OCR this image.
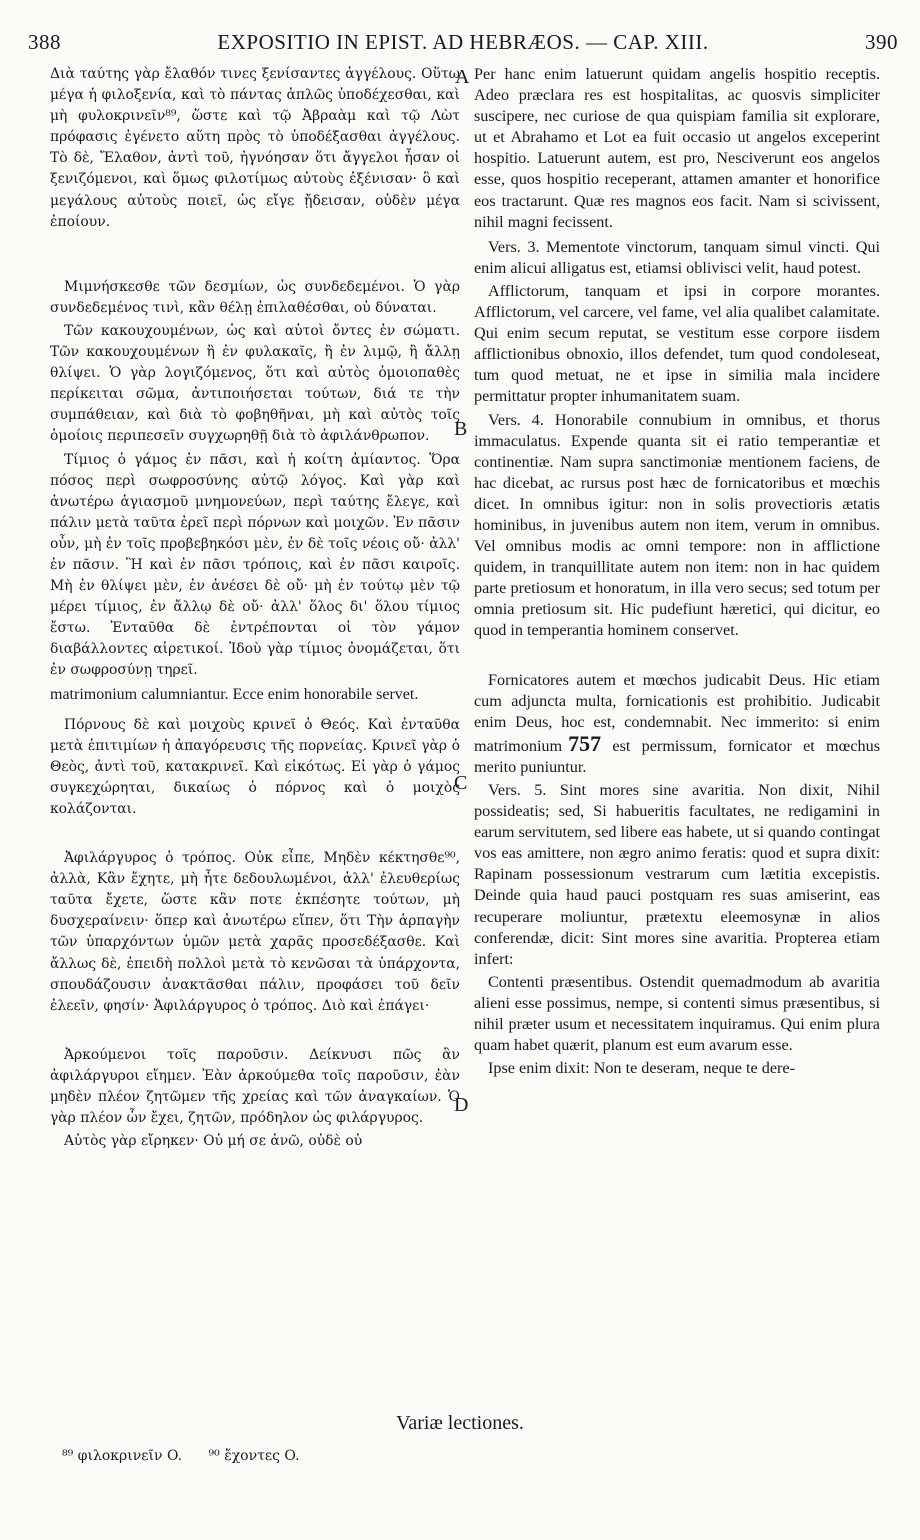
388	EXPOSITIO IN EPIST. AD HEBRÆOS. — CAP. XIII.	390

Διὰ ταύτης γὰρ ἔλαθόν τινες ξενίσαντες ἀγγέλους. Οὕτω μέγα ἡ φιλοξενία, καὶ τὸ πάντας ἁπλῶς ὑποδέχεσθαι, καὶ μὴ φυλοκρινεῖν⁸⁹, ὥστε καὶ τῷ Ἀβραὰμ καὶ τῷ Λὼτ πρόφασις ἐγένετο αὕτη πρὸς τὸ ὑποδέξασθαι ἀγγέλους. Τὸ δὲ, Ἔλαθον, ἀντὶ τοῦ, ἠγνόησαν ὅτι ἄγγελοι ἦσαν οἱ ξενιζόμενοι, καὶ ὅμως φιλοτίμως αὐτοὺς ἐξένισαν· ὃ καὶ μεγάλους αὐτοὺς ποιεῖ, ὡς εἴγε ᾔδεισαν, οὐδὲν μέγα ἐποίουν.

Μιμνήσκεσθε τῶν δεσμίων, ὡς συνδεδεμένοι. Ὁ γὰρ συνδεδεμένος τινὶ, κἂν θέλῃ ἐπιλαθέσθαι, οὐ δύναται.

Τῶν κακουχουμένων, ὡς καὶ αὐτοὶ ὄντες ἐν σώματι. Τῶν κακουχουμένων ἢ ἐν φυλακαῖς, ἢ ἐν λιμῷ, ἢ ἄλλῃ θλίψει. Ὁ γὰρ λογιζόμενος, ὅτι καὶ αὐτὸς ὁμοιοπαθὲς περίκειται σῶμα, ἀντιποιήσεται τούτων, διά τε τὴν συμπάθειαν, καὶ διὰ τὸ φοβηθῆναι, μὴ καὶ αὐτὸς τοῖς ὁμοίοις περιπεσεῖν συγχωρηθῇ διὰ τὸ ἀφιλάνθρωπον.

Τίμιος ὁ γάμος ἐν πᾶσι, καὶ ἡ κοίτη ἀμίαντος. Ὅρα πόσος περὶ σωφροσύνης αὐτῷ λόγος. Καὶ γὰρ καὶ ἀνωτέρω ἁγιασμοῦ μνημονεύων, περὶ ταύτης ἔλεγε, καὶ πάλιν μετὰ ταῦτα ἐρεῖ περὶ πόρνων καὶ μοιχῶν. Ἐν πᾶσιν οὖν, μὴ ἐν τοῖς προβεβηκόσι μὲν, ἐν δὲ τοῖς νέοις οὔ· ἀλλ' ἐν πᾶσιν. Ἢ καὶ ἐν πᾶσι τρόποις, καὶ ἐν πᾶσι καιροῖς. Μὴ ἐν θλίψει μὲν, ἐν ἀνέσει δὲ οὔ· μὴ ἐν τούτῳ μὲν τῷ μέρει τίμιος, ἐν ἄλλῳ δὲ οὔ· ἀλλ' ὅλος δι' ὅλου τίμιος ἔστω. Ἐνταῦθα δὲ ἐντρέπονται οἱ τὸν γάμον διαβάλλοντες αἱρετικοί. Ἰδοὺ γὰρ τίμιος ὀνομάζεται, ὅτι ἐν σωφροσύνῃ τηρεῖ.

matrimonium calumniantur. Ecce enim honorabile servet.

Πόρνους δὲ καὶ μοιχοὺς κρινεῖ ὁ Θεός. Καὶ ἐνταῦθα μετὰ ἐπιτιμίων ἡ ἀπαγόρευσις τῆς πορνείας. Κρινεῖ γὰρ ὁ Θεὸς, ἀντὶ τοῦ, κατακρινεῖ. Καὶ εἰκότως. Εἰ γὰρ ὁ γάμος συγκεχώρηται, δικαίως ὁ πόρνος καὶ ὁ μοιχὸς κολάζονται.

Ἀφιλάργυρος ὁ τρόπος. Οὐκ εἶπε, Μηδὲν κέκτησθε⁹⁰, ἀλλὰ, Κἂν ἔχητε, μὴ ἦτε δεδουλωμένοι, ἀλλ' ἐλευθερίως ταῦτα ἔχετε, ὥστε κἂν ποτε ἐκπέσητε τούτων, μὴ δυσχεραίνειν· ὅπερ καὶ ἀνωτέρω εἴπεν, ὅτι Τὴν ἁρπαγὴν τῶν ὑπαρχόντων ὑμῶν μετὰ χαρᾶς προσεδέξασθε. Καὶ ἄλλως δὲ, ἐπειδὴ πολλοὶ μετὰ τὸ κενῶσαι τὰ ὑπάρχοντα, σπουδάζουσιν ἀνακτᾶσθαι πάλιν, προφάσει τοῦ δεῖν ἐλεεῖν, φησίν· Ἀφιλάργυρος ὁ τρόπος. Διὸ καὶ ἐπάγει·

Ἀρκούμενοι τοῖς παροῦσιν. Δείκνυσι πῶς ἂν ἀφιλάργυροι εἴημεν. Ἐὰν ἀρκούμεθα τοῖς παροῦσιν, ἐὰν μηδὲν πλέον ζητῶμεν τῆς χρείας καὶ τῶν ἀναγκαίων. Ὁ γὰρ πλέον ὧν ἔχει, ζητῶν, πρόδηλον ὡς φιλάργυρος.

Αὐτὸς γὰρ εἴρηκεν· Οὐ μή σε ἀνῶ, οὐδὲ οὐ

A
B
C
D

Per hanc enim latuerunt quidam angelis hospitio receptis. Adeo præclara res est hospitalitas, ac quosvis simpliciter suscipere, nec curiose de qua quispiam familia sit explorare, ut et Abrahamo et Lot ea fuit occasio ut angelos exceperint hospitio. Latuerunt autem, est pro, Nesciverunt eos angelos esse, quos hospitio receperant, attamen amanter et honorifice eos tractarunt. Quæ res magnos eos facit. Nam si scivissent, nihil magni fecissent.

Vers. 3. Mementote vinctorum, tanquam simul vincti. Qui enim alicui alligatus est, etiamsi oblivisci velit, haud potest.

Afflictorum, tanquam et ipsi in corpore morantes. Afflictorum, vel carcere, vel fame, vel alia qualibet calamitate. Qui enim secum reputat, se vestitum esse corpore iisdem afflictionibus obnoxio, illos defendet, tum quod condoleseat, tum quod metuat, ne et ipse in similia mala incidere permittatur propter inhumanitatem suam.

Vers. 4. Honorabile connubium in omnibus, et thorus immaculatus. Expende quanta sit ei ratio temperantiæ et continentiæ. Nam supra sanctimoniæ mentionem faciens, de hac dicebat, ac rursus post hæc de fornicatoribus et mœchis dicet. In omnibus igitur: non in solis provectioris ætatis hominibus, in juvenibus autem non item, verum in omnibus. Vel omnibus modis ac omni tempore: non in afflictione quidem, in tranquillitate autem non item: non in hac quidem parte pretiosum et honoratum, in illa vero secus; sed totum per omnia pretiosum sit. Hic pudefiunt hæretici, qui dicitur, eo quod in temperantia hominem conservet.

Fornicatores autem et mœchos judicabit Deus. Hic etiam cum adjuncta multa, fornicationis est prohibitio. Judicabit enim Deus, hoc est, condemnabit. Nec immerito: si enim matrimonium 757 est permissum, fornicator et mœchus merito puniuntur.

Vers. 5. Sint mores sine avaritia. Non dixit, Nihil possideatis; sed, Si habueritis facultates, ne redigamini in earum servitutem, sed libere eas habete, ut si quando contingat vos eas amittere, non ægro animo feratis: quod et supra dixit: Rapinam possessionum vestrarum cum lætitia excepistis. Deinde quia haud pauci postquam res suas amiserint, eas recuperare moliuntur, prætextu eleemosynæ in alios conferendæ, dicit: Sint mores sine avaritia. Propterea etiam infert:

Contenti præsentibus. Ostendit quemadmodum ab avaritia alieni esse possimus, nempe, si contenti simus præsentibus, si nihil præter usum et necessitatem inquiramus. Qui enim plura quam habet quærit, planum est eum avarum esse.

Ipse enim dixit: Non te deseram, neque te dere-

Variæ lectiones.
⁸⁹ φιλοκρινεῖν O. ⁹⁰ ἔχοντες O.
